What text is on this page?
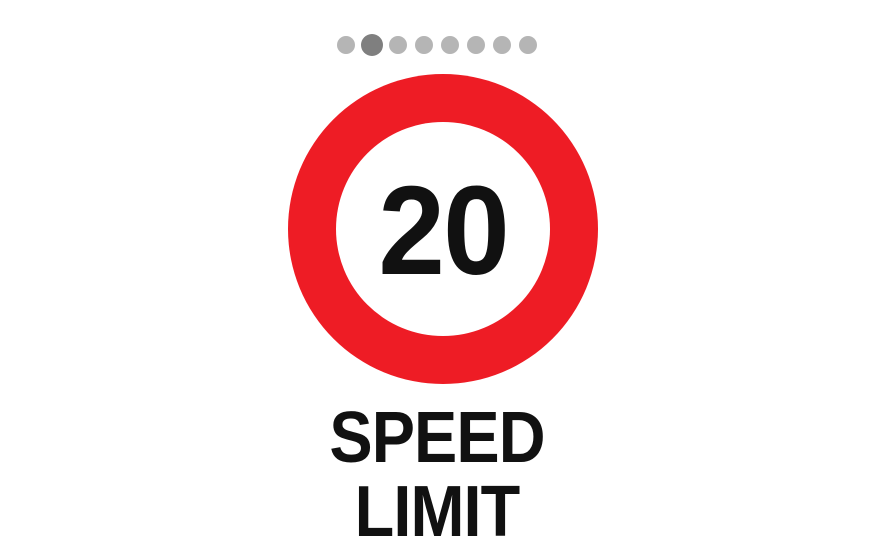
20
SPEED
LIMIT
